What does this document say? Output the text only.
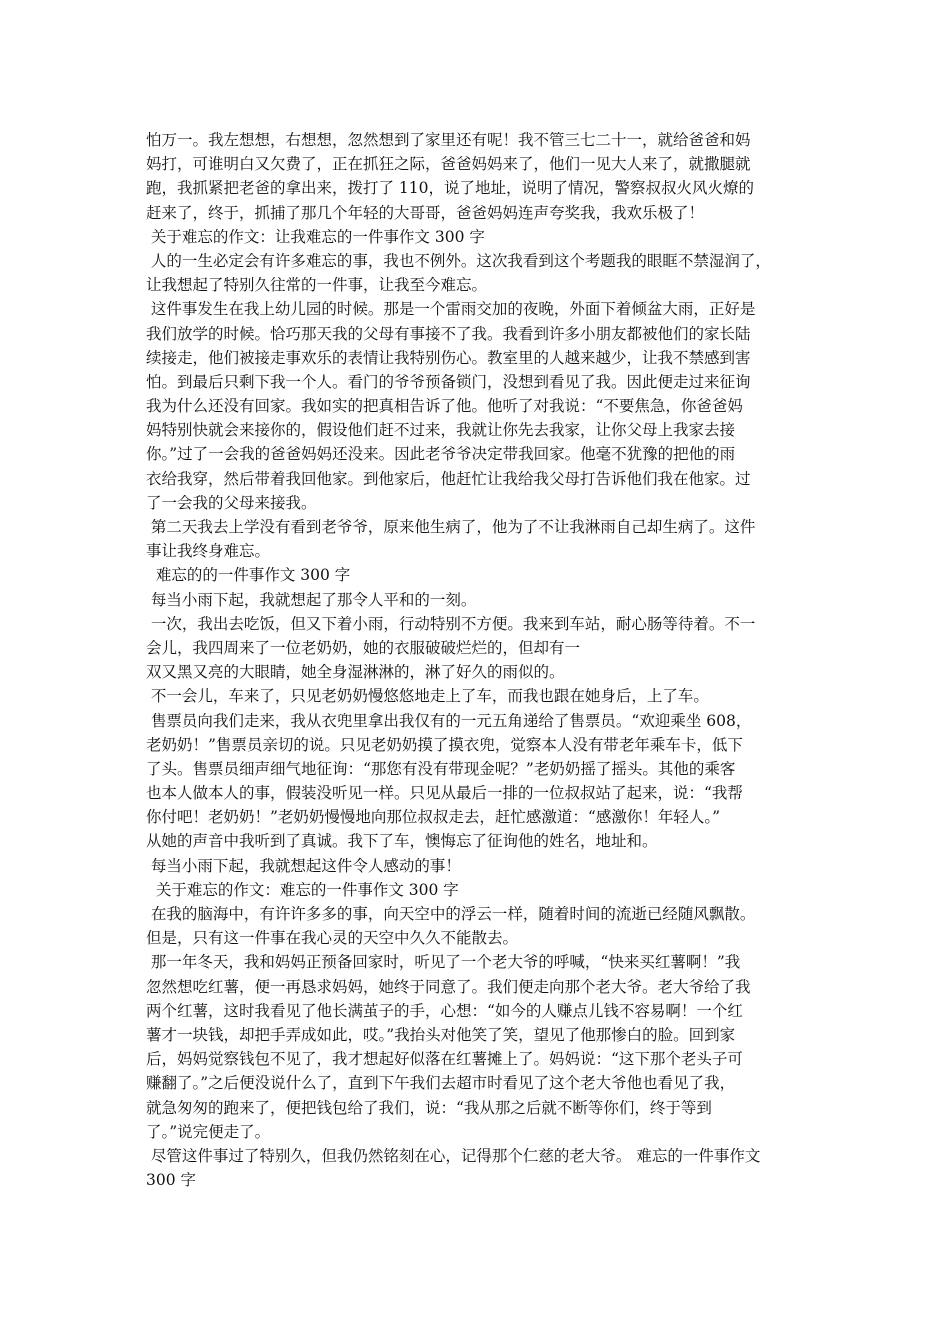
怕万一。我左想想，右想想，忽然想到了家里还有呢！我不管三七二十一，就给爸爸和妈
妈打，可谁明白又欠费了，正在抓狂之际，爸爸妈妈来了，他们一见大人来了，就撒腿就
跑，我抓紧把老爸的拿出来，拨打了 110，说了地址，说明了情况，警察叔叔火风火燎的
赶来了，终于，抓捕了那几个年轻的大哥哥，爸爸妈妈连声夸奖我，我欢乐极了！
关于难忘的作文：让我难忘的一件事作文 300 字
人的一生必定会有许多难忘的事，我也不例外。这次我看到这个考题我的眼眶不禁湿润了，
让我想起了特别久往常的一件事，让我至今难忘。
这件事发生在我上幼儿园的时候。那是一个雷雨交加的夜晚，外面下着倾盆大雨，正好是
我们放学的时候。恰巧那天我的父母有事接不了我。我看到许多小朋友都被他们的家长陆
续接走，他们被接走事欢乐的表情让我特别伤心。教室里的人越来越少，让我不禁感到害
怕。到最后只剩下我一个人。看门的爷爷预备锁门，没想到看见了我。因此便走过来征询
我为什么还没有回家。我如实的把真相告诉了他。他听了对我说：“不要焦急，你爸爸妈
妈特别快就会来接你的，假设他们赶不过来，我就让你先去我家，让你父母上我家去接
你。”过了一会我的爸爸妈妈还没来。因此老爷爷决定带我回家。他毫不犹豫的把他的雨
衣给我穿，然后带着我回他家。到他家后，他赶忙让我给我父母打告诉他们我在他家。过
了一会我的父母来接我。
第二天我去上学没有看到老爷爷，原来他生病了，他为了不让我淋雨自己却生病了。这件
事让我终身难忘。
难忘的的一件事作文 300 字
每当小雨下起，我就想起了那令人平和的一刻。
一次，我出去吃饭，但又下着小雨，行动特别不方便。我来到车站，耐心肠等待着。不一
会儿，我四周来了一位老奶奶，她的衣服破破烂烂的，但却有一
双又黑又亮的大眼睛，她全身湿淋淋的，淋了好久的雨似的。
不一会儿，车来了，只见老奶奶慢悠悠地走上了车，而我也跟在她身后，上了车。
售票员向我们走来，我从衣兜里拿出我仅有的一元五角递给了售票员。“欢迎乘坐 608，
老奶奶！”售票员亲切的说。只见老奶奶摸了摸衣兜，觉察本人没有带老年乘车卡，低下
了头。售票员细声细气地征询：“那您有没有带现金呢？”老奶奶摇了摇头。其他的乘客
也本人做本人的事，假装没听见一样。只见从最后一排的一位叔叔站了起来，说：“我帮
你付吧！老奶奶！”老奶奶慢慢地向那位叔叔走去，赶忙感激道：“感激你！年轻人。”
从她的声音中我听到了真诚。我下了车，懊悔忘了征询他的姓名，地址和。
每当小雨下起，我就想起这件令人感动的事！
关于难忘的作文：难忘的一件事作文 300 字
在我的脑海中，有许许多多的事，向天空中的浮云一样，随着时间的流逝已经随风飘散。
但是，只有这一件事在我心灵的天空中久久不能散去。
那一年冬天，我和妈妈正预备回家时，听见了一个老大爷的呼喊，“快来买红薯啊！”我
忽然想吃红薯，便一再恳求妈妈，她终于同意了。我们便走向那个老大爷。老大爷给了我
两个红薯，这时我看见了他长满茧子的手，心想：“如今的人赚点儿钱不容易啊！一个红
薯才一块钱，却把手弄成如此，哎。”我抬头对他笑了笑，望见了他那惨白的脸。回到家
后，妈妈觉察钱包不见了，我才想起好似落在红薯摊上了。妈妈说：“这下那个老头子可
赚翻了。”之后便没说什么了，直到下午我们去超市时看见了这个老大爷他也看见了我，
就急匆匆的跑来了，便把钱包给了我们，说：“我从那之后就不断等你们，终于等到
了。”说完便走了。
尽管这件事过了特别久，但我仍然铭刻在心，记得那个仁慈的老大爷。 难忘的一件事作文
300 字
